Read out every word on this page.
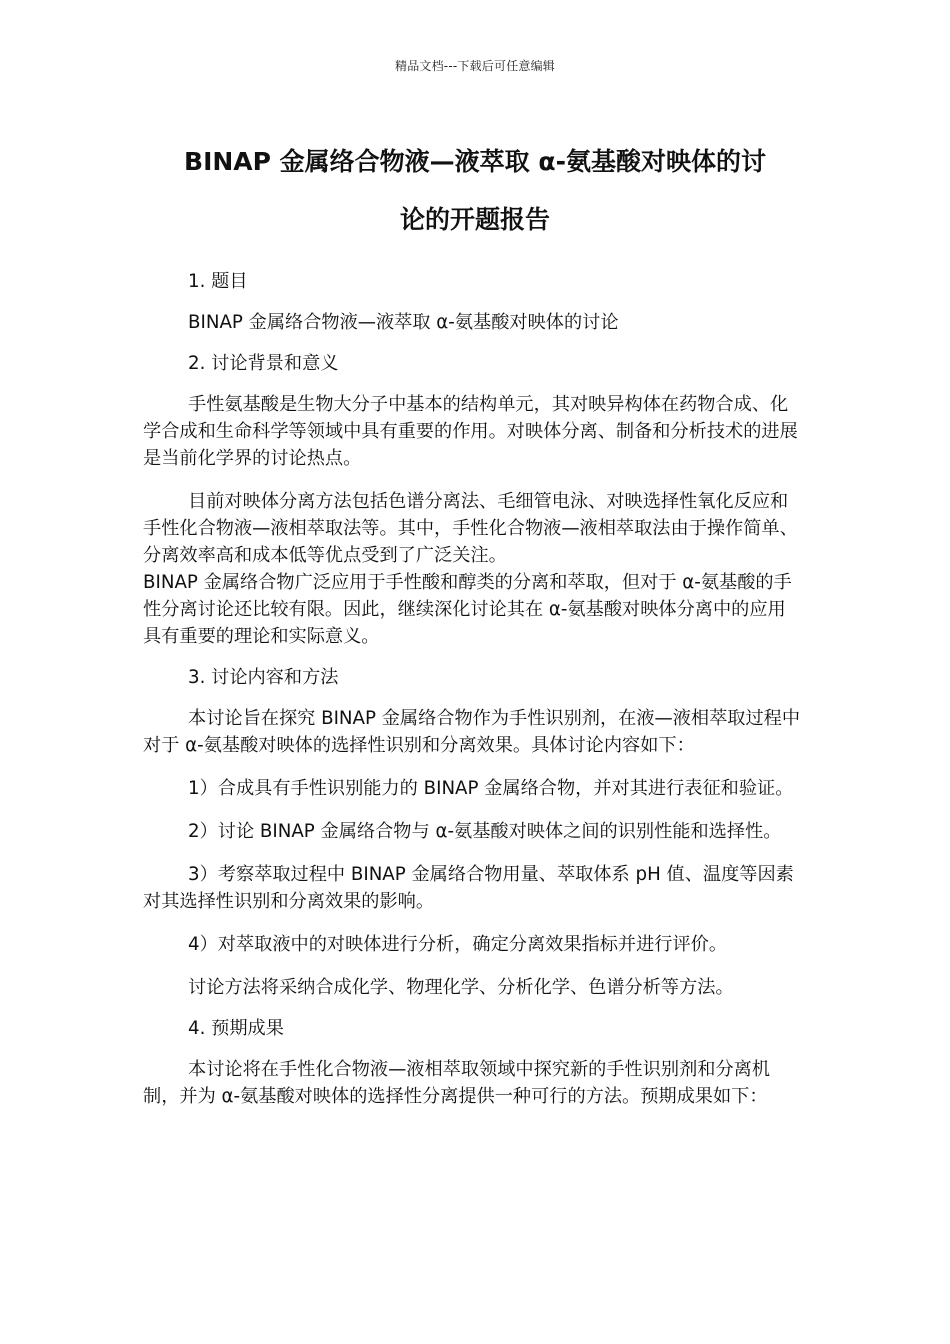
精品文档---下载后可任意编辑
BINAP 金属络合物液—液萃取 α-氨基酸对映体的讨
论的开题报告

1. 题目

BINAP 金属络合物液—液萃取 α-氨基酸对映体的讨论

2. 讨论背景和意义

手性氨基酸是生物大分子中基本的结构单元，其对映异构体在药物合成、化学合成和生命科学等领域中具有重要的作用。对映体分离、制备和分析技术的进展是当前化学界的讨论热点。

目前对映体分离方法包括色谱分离法、毛细管电泳、对映选择性氧化反应和手性化合物液—液相萃取法等。其中，手性化合物液—液相萃取法由于操作简单、分离效率高和成本低等优点受到了广泛关注。

BINAP 金属络合物广泛应用于手性酸和醇类的分离和萃取，但对于 α-氨基酸的手性分离讨论还比较有限。因此，继续深化讨论其在 α-氨基酸对映体分离中的应用具有重要的理论和实际意义。

3. 讨论内容和方法

本讨论旨在探究 BINAP 金属络合物作为手性识别剂，在液—液相萃取过程中对于 α-氨基酸对映体的选择性识别和分离效果。具体讨论内容如下：

1）合成具有手性识别能力的 BINAP 金属络合物，并对其进行表征和验证。

2）讨论 BINAP 金属络合物与 α-氨基酸对映体之间的识别性能和选择性。

3）考察萃取过程中 BINAP 金属络合物用量、萃取体系 pH 值、温度等因素对其选择性识别和分离效果的影响。

4）对萃取液中的对映体进行分析，确定分离效果指标并进行评价。

讨论方法将采纳合成化学、物理化学、分析化学、色谱分析等方法。

4. 预期成果

本讨论将在手性化合物液—液相萃取领域中探究新的手性识别剂和分离机制，并为 α-氨基酸对映体的选择性分离提供一种可行的方法。预期成果如下：
